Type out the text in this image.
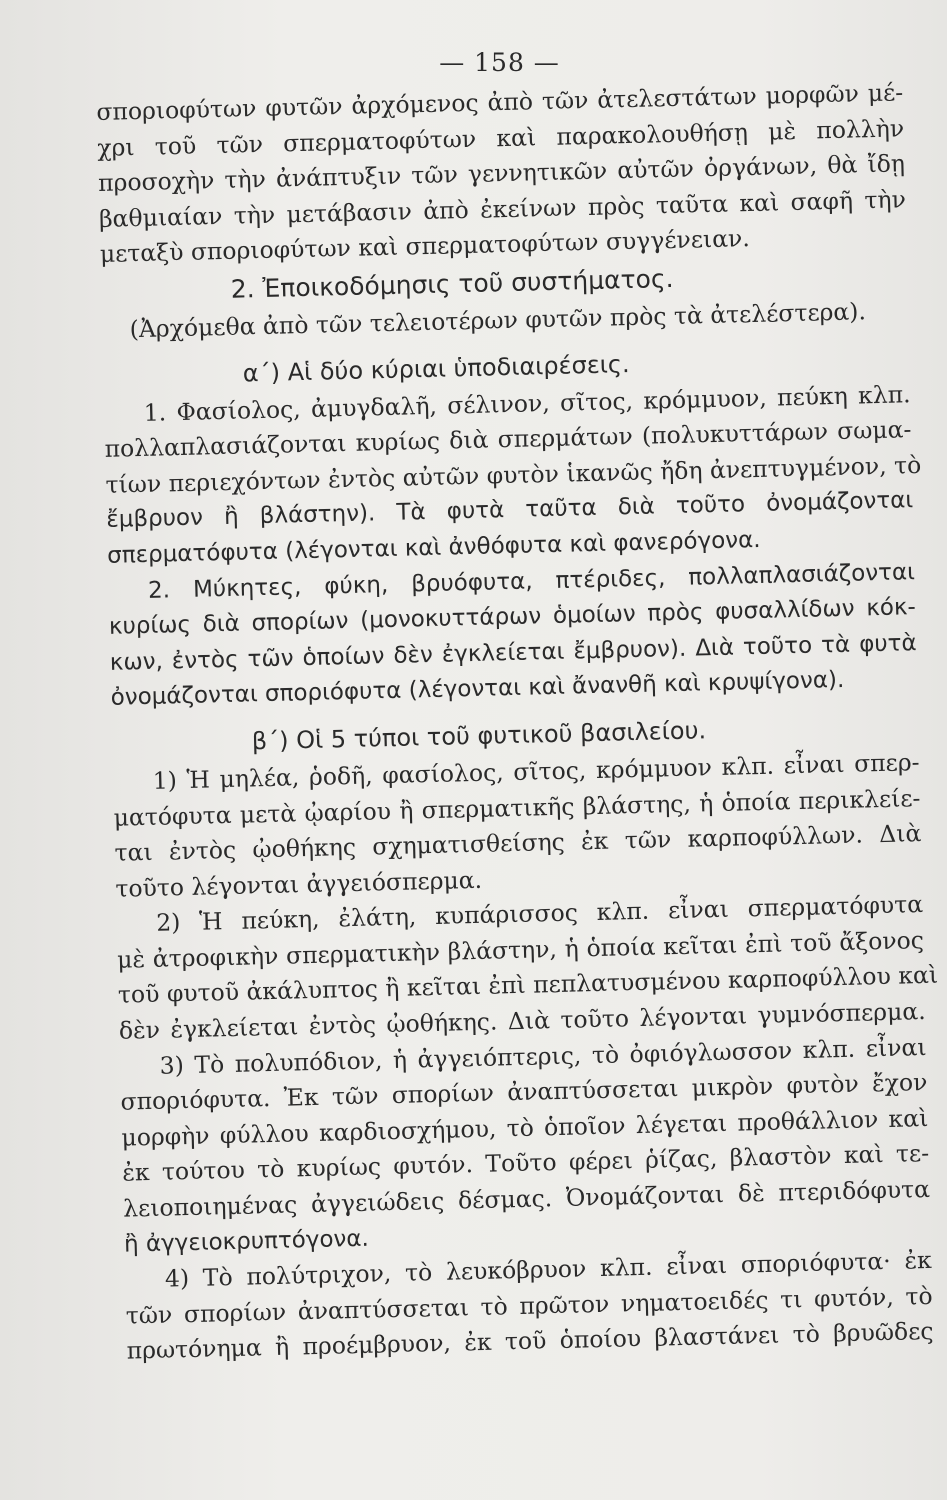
— 158 —
σποριοφύτων φυτῶν ἀρχόμενος ἀπὸ τῶν ἀτελεστάτων μορφῶν μέ-
χρι τοῦ τῶν σπερματοφύτων καὶ παρακολουθήσῃ μὲ πολλὴν
προσοχὴν τὴν ἀνάπτυξιν τῶν γεννητικῶν αὐτῶν ὀργάνων, θὰ ἴδῃ
βαθμιαίαν τὴν μετάβασιν ἀπὸ ἐκείνων πρὸς ταῦτα καὶ σαφῆ τὴν
μεταξὺ σποριοφύτων καὶ σπερματοφύτων συγγένειαν.
2. Ἐποικοδόμησις τοῦ συστήματος.
(Ἀρχόμεθα ἀπὸ τῶν τελειοτέρων φυτῶν πρὸς τὰ ἀτελέστερα).
α΄) Αἱ δύο κύριαι ὑποδιαιρέσεις.
1. Φασίολος, ἀμυγδαλῆ, σέλινον, σῖτος, κρόμμυον, πεύκη κλπ.
πολλαπλασιάζονται κυρίως διὰ σπερμάτων (πολυκυττάρων σωμα-
τίων περιεχόντων ἐντὸς αὐτῶν φυτὸν ἱκανῶς ἤδη ἀνεπτυγμένον, τὸ
ἔμβρυον ἢ βλάστην). Τὰ φυτὰ ταῦτα διὰ τοῦτο ὀνομάζονται
σπερματόφυτα (λέγονται καὶ ἀνθόφυτα καὶ φανερόγονα.
2. Μύκητες, φύκη, βρυόφυτα, πτέριδες, πολλαπλασιάζονται
κυρίως διὰ σπορίων (μονοκυττάρων ὁμοίων πρὸς φυσαλλίδων κόκ-
κων, ἐντὸς τῶν ὁποίων δὲν ἐγκλείεται ἔμβρυον). Διὰ τοῦτο τὰ φυτὰ
ὀνομάζονται σποριόφυτα (λέγονται καὶ ἄνανθῆ καὶ κρυψίγονα).
β΄) Οἱ 5 τύποι τοῦ φυτικοῦ βασιλείου.
1) Ἡ μηλέα, ῥοδῆ, φασίολος, σῖτος, κρόμμυον κλπ. εἶναι σπερ-
ματόφυτα μετὰ ᾠαρίου ἢ σπερματικῆς βλάστης, ἡ ὁποία περικλείε-
ται ἐντὸς ᾠοθήκης σχηματισθείσης ἐκ τῶν καρποφύλλων. Διὰ
τοῦτο λέγονται ἀγγειόσπερμα.
2) Ἡ πεύκη, ἐλάτη, κυπάρισσος κλπ. εἶναι σπερματόφυτα
μὲ ἀτροφικὴν σπερματικὴν βλάστην, ἡ ὁποία κεῖται ἐπὶ τοῦ ἄξονος
τοῦ φυτοῦ ἀκάλυπτος ἢ κεῖται ἐπὶ πεπλατυσμένου καρποφύλλου καὶ
δὲν ἐγκλείεται ἐντὸς ᾠοθήκης. Διὰ τοῦτο λέγονται γυμνόσπερμα.
3) Τὸ πολυπόδιον, ἡ ἀγγειόπτερις, τὸ ὀφιόγλωσσον κλπ. εἶναι
σποριόφυτα. Ἐκ τῶν σπορίων ἀναπτύσσεται μικρὸν φυτὸν ἔχον
μορφὴν φύλλου καρδιοσχήμου, τὸ ὁποῖον λέγεται προθάλλιον καὶ
ἐκ τούτου τὸ κυρίως φυτόν. Τοῦτο φέρει ῥίζας, βλαστὸν καὶ τε-
λειοποιημένας ἀγγειώδεις δέσμας. Ὀνομάζονται δὲ πτεριδόφυτα
ἢ ἀγγειοκρυπτόγονα.
4) Τὸ πολύτριχον, τὸ λευκόβρυον κλπ. εἶναι σποριόφυτα· ἐκ
τῶν σπορίων ἀναπτύσσεται τὸ πρῶτον νηματοειδές τι φυτόν, τὸ
πρωτόνημα ἢ προέμβρυον, ἐκ τοῦ ὁποίου βλαστάνει τὸ βρυῶδες
